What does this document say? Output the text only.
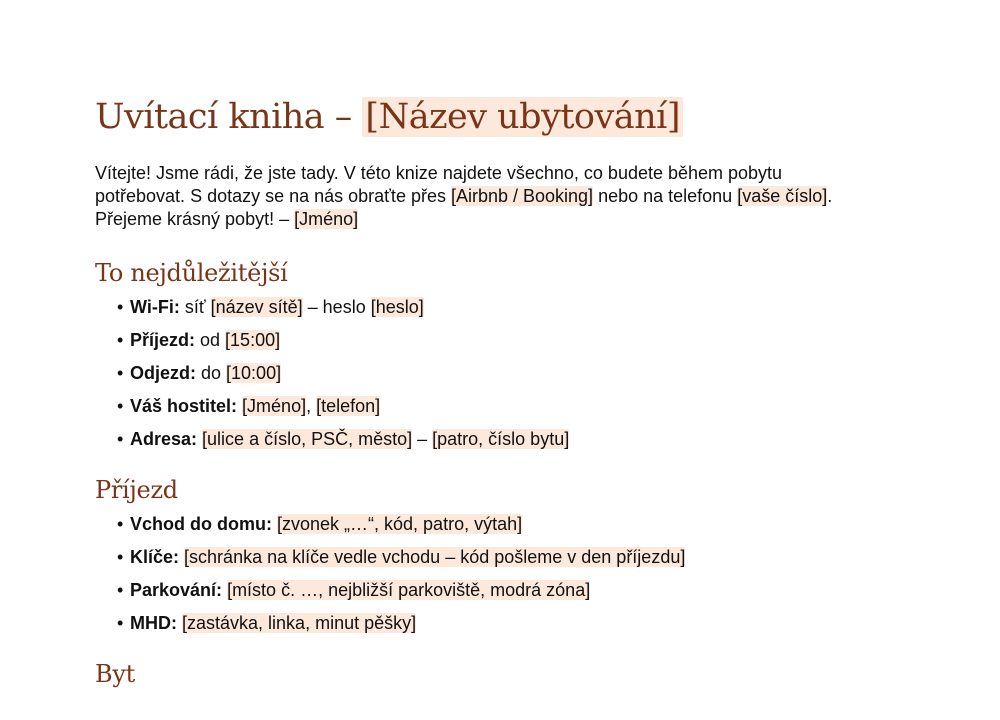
Uvítací kniha – [Název ubytování]

Vítejte! Jsme rádi, že jste tady. V této knize najdete všechno, co budete během pobytu potřebovat. S dotazy se na nás obraťte přes [Airbnb / Booking] nebo na telefonu [vaše číslo]. Přejeme krásný pobyt! – [Jméno]

To nejdůležitější
• Wi-Fi: síť [název sítě] – heslo [heslo]
• Příjezd: od [15:00]
• Odjezd: do [10:00]
• Váš hostitel: [Jméno], [telefon]
• Adresa: [ulice a číslo, PSČ, město] – [patro, číslo bytu]
Příjezd
• Vchod do domu: [zvonek „…“, kód, patro, výtah]
• Klíče: [schránka na klíče vedle vchodu – kód pošleme v den příjezdu]
• Parkování: [místo č. …, nejbližší parkoviště, modrá zóna]
• MHD: [zastávka, linka, minut pěšky]
Byt
